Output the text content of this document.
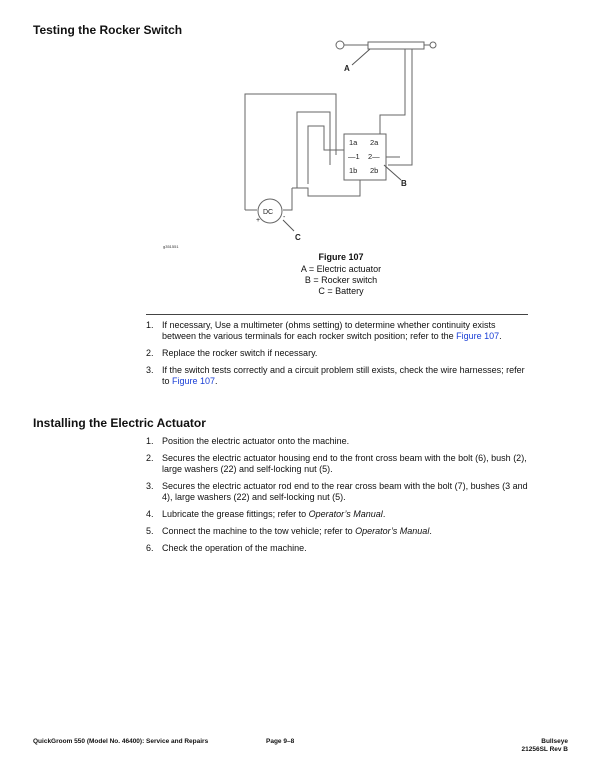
Testing the Rocker Switch
A
B
C
1a 2a
—1 2—
1b 2b
DC
+	-
g351551
Figure 107
A = Electric actuator
B = Rocker switch
C = Battery
1. If necessary, Use a multimeter (ohms setting) to determine whether continuity exists between the various terminals for each rocker switch position; refer to the Figure 107.
2. Replace the rocker switch if necessary.
3. If the switch tests correctly and a circuit problem still exists, check the wire harnesses; refer to Figure 107.
Installing the Electric Actuator
1. Position the electric actuator onto the machine.
2. Secures the electric actuator housing end to the front cross beam with the bolt (6), bush (2), large washers (22) and self-locking nut (5).
3. Secures the electric actuator rod end to the rear cross beam with the bolt (7), bushes (3 and 4), large washers (22) and self-locking nut (5).
4. Lubricate the grease fittings; refer to Operator’s Manual.
5. Connect the machine to the tow vehicle; refer to Operator’s Manual.
6. Check the operation of the machine.
QuickGroom 550 (Model No. 46400): Service and Repairs	Page 9–8	Bullseye
21256SL Rev B
